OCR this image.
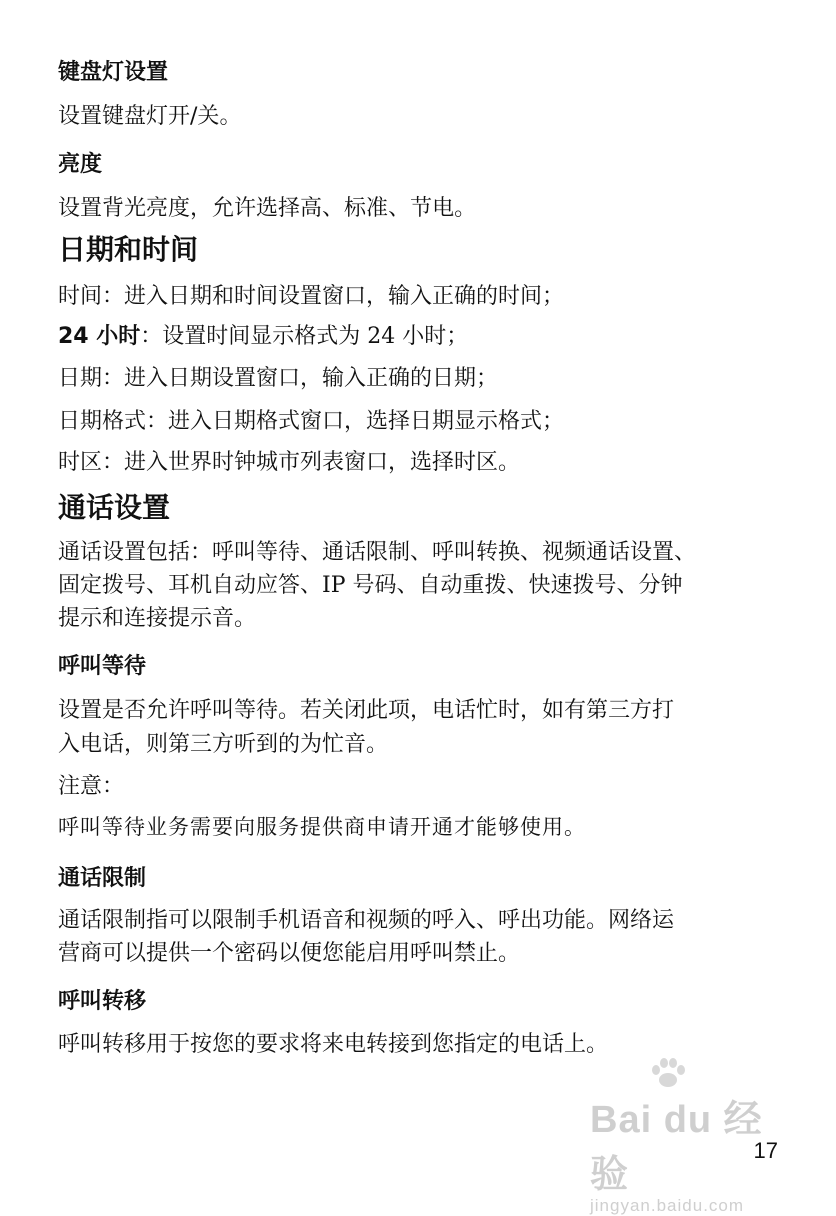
键盘灯设置
设置键盘灯开/关。
亮度
设置背光亮度，允许选择高、标准、节电。
日期和时间
时间：进入日期和时间设置窗口，输入正确的时间；
24 小时：设置时间显示格式为 24 小时；
日期：进入日期设置窗口，输入正确的日期；
日期格式：进入日期格式窗口，选择日期显示格式；
时区：进入世界时钟城市列表窗口，选择时区。
通话设置
通话设置包括：呼叫等待、通话限制、呼叫转换、视频通话设置、
固定拨号、耳机自动应答、IP 号码、自动重拨、快速拨号、分钟
提示和连接提示音。
呼叫等待
设置是否允许呼叫等待。若关闭此项，电话忙时，如有第三方打
入电话，则第三方听到的为忙音。
注意：
呼叫等待业务需要向服务提供商申请开通才能够使用。
通话限制
通话限制指可以限制手机语音和视频的呼入、呼出功能。网络运
营商可以提供一个密码以便您能启用呼叫禁止。
呼叫转移
呼叫转移用于按您的要求将来电转接到您指定的电话上。
Bai du 经验
jingyan.baidu.com
17
